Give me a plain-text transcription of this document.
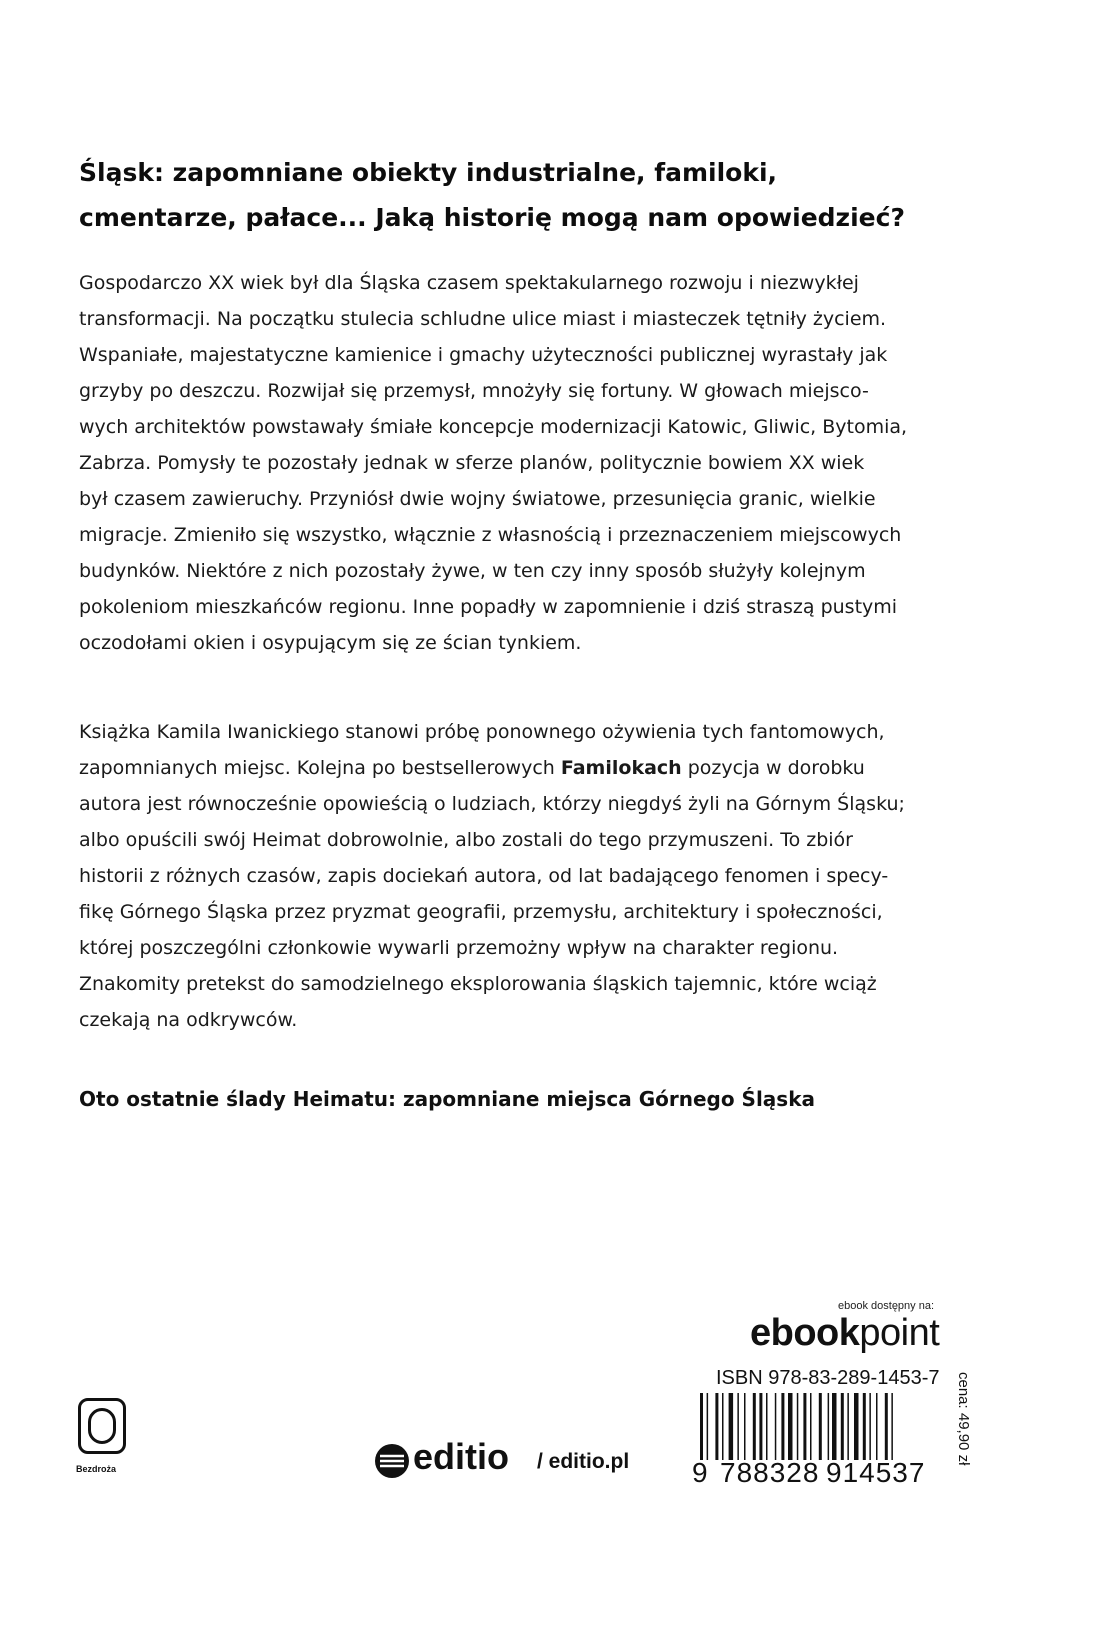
Śląsk: zapomniane obiekty industrialne, familoki,
cmentarze, pałace... Jaką historię mogą nam opowiedzieć?

Gospodarczo XX wiek był dla Śląska czasem spektakularnego rozwoju i niezwykłej
transformacji. Na początku stulecia schludne ulice miast i miasteczek tętniły życiem.
Wspaniałe, majestatyczne kamienice i gmachy użyteczności publicznej wyrastały jak
grzyby po deszczu. Rozwijał się przemysł, mnożyły się fortuny. W głowach miejsco-
wych architektów powstawały śmiałe koncepcje modernizacji Katowic, Gliwic, Bytomia,
Zabrza. Pomysły te pozostały jednak w sferze planów, politycznie bowiem XX wiek
był czasem zawieruchy. Przyniósł dwie wojny światowe, przesunięcia granic, wielkie
migracje. Zmieniło się wszystko, włącznie z własnością i przeznaczeniem miejscowych
budynków. Niektóre z nich pozostały żywe, w ten czy inny sposób służyły kolejnym
pokoleniom mieszkańców regionu. Inne popadły w zapomnienie i dziś straszą pustymi
oczodołami okien i osypującym się ze ścian tynkiem.

Książka Kamila Iwanickiego stanowi próbę ponownego ożywienia tych fantomowych,
zapomnianych miejsc. Kolejna po bestsellerowych Familokach pozycja w dorobku
autora jest równocześnie opowieścią o ludziach, którzy niegdyś żyli na Górnym Śląsku;
albo opuścili swój Heimat dobrowolnie, albo zostali do tego przymuszeni. To zbiór
historii z różnych czasów, zapis dociekań autora, od lat badającego fenomen i specy-
fikę Górnego Śląska przez pryzmat geografii, przemysłu, architektury i społeczności,
której poszczególni członkowie wywarli przemożny wpływ na charakter regionu.
Znakomity pretekst do samodzielnego eksplorowania śląskich tajemnic, które wciąż
czekają na odkrywców.

Oto ostatnie ślady Heimatu: zapomniane miejsca Górnego Śląska

ebook dostępny na:
ebookpoint
ISBN 978-83-289-1453-7 cena: 49,90 zł
9 788328 914537
Bezdroża	editio / editio.pl
